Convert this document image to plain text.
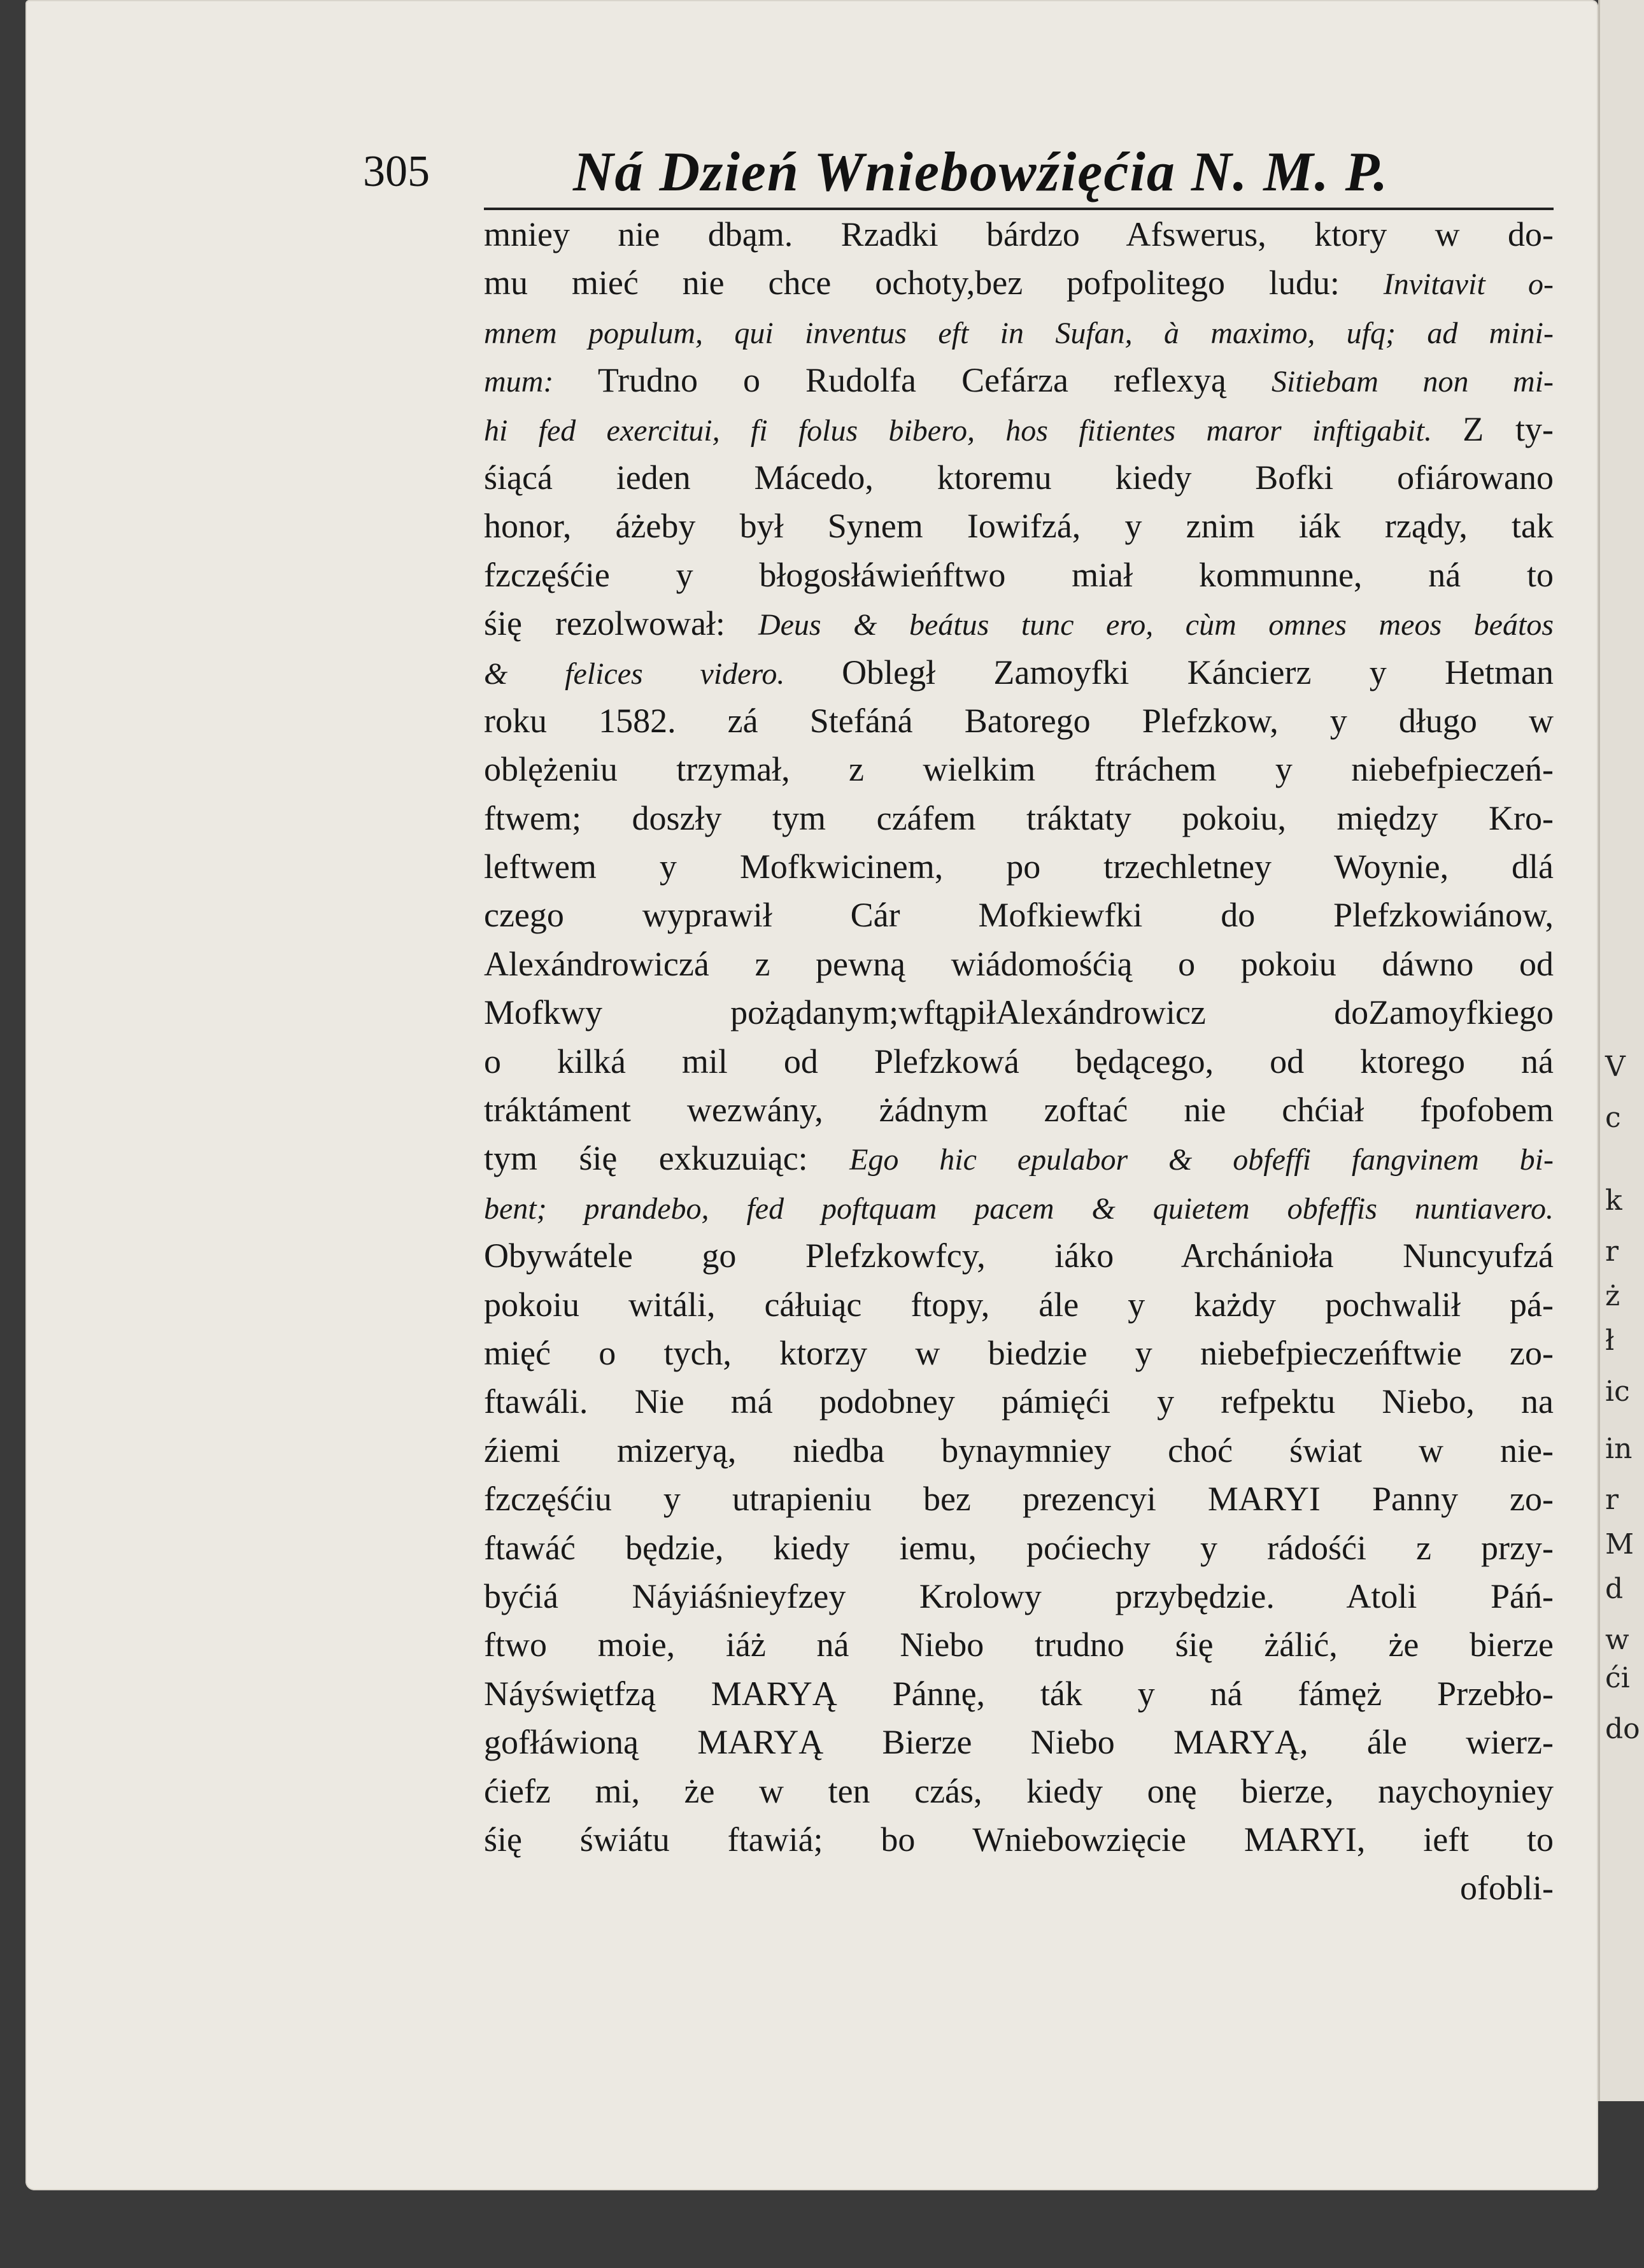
V
c
k
r
ż
ł
ic
in
r
M
d
w
ći
do
305	Ná Dzień Wniebowźięćia N. M. P.
mniey nie dbąm. Rzadki bárdzo Afswerus, ktory w do-
mu mieć nie chce ochoty,bez pofpolitego ludu: Invitavit o-
mnem populum, qui inventus eft in Sufan, à maximo, ufq; ad mini-
mum: Trudno o Rudolfa Cefárza reflexyą Sitiebam non mi-
hi fed exercitui, fi folus bibero, hos fitientes maror inftigabit. Z ty-
śiącá ieden Mácedo, ktoremu kiedy Bofki ofiárowano
honor, áżeby był Synem Iowifzá, y znim iák rządy, tak
fzczęśćie y błogosłáwieńftwo miał kommunne, ná to
śię rezolwował: Deus & beátus tunc ero, cùm omnes meos beátos
& felices videro. Obległ Zamoyfki Káncierz y Hetman
roku 1582. zá Stefáná Batorego Plefzkow, y długo w
oblężeniu trzymał, z wielkim ftráchem y niebefpieczeń-
ftwem; doszły tym czáfem tráktaty pokoiu, między Kro-
leftwem y Mofkwicinem, po trzechletney Woynie, dlá
czego wyprawił Cár Mofkiewfki do Plefzkowiánow,
Alexándrowiczá z pewną wiádomośćią o pokoiu dáwno od
Mofkwy pożądanym;wftąpiłAlexándrowicz doZamoyfkiego
o kilká mil od Plefzkowá będącego, od ktorego ná
tráktáment wezwány, żádnym zoftać nie chćiał fpofobem
tym śię exkuzuiąc: Ego hic epulabor & obfeffi fangvinem bi-
bent; prandebo, fed poftquam pacem & quietem obfeffis nuntiavero.
Obywátele go Plefzkowfcy, iáko Archánioła Nuncyufzá
pokoiu witáli, cáłuiąc ftopy, ále y każdy pochwalił pá-
mięć o tych, ktorzy w biedzie y niebefpieczeńftwie zo-
ftawáli. Nie má podobney pámięći y refpektu Niebo, na
źiemi mizeryą, niedba bynaymniey choć świat w nie-
fzczęśćiu y utrapieniu bez prezencyi MARYI Panny zo-
ftawáć będzie, kiedy iemu, poćiechy y rádośći z przy-
byćiá Náyiáśnieyfzey Krolowy przybędzie. Atoli Páń-
ftwo moie, iáż ná Niebo trudno śię żálić, że bierze
Náyświętfzą MARYĄ Pánnę, ták y ná fámęż Przebło-
gofłáwioną MARYĄ Bierze Niebo MARYĄ, ále wierz-
ćiefz mi, że w ten czás, kiedy onę bierze, naychoyniey
śię świátu ftawiá; bo Wniebowzięcie MARYI, ieft to
ofobli-
